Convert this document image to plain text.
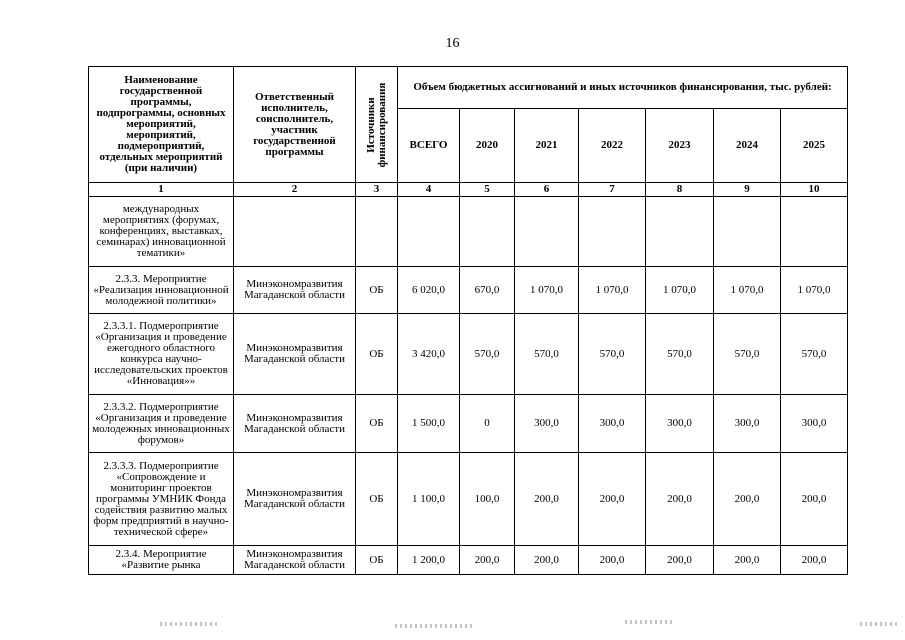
16
Наименование государственной программы, подпрограммы, основных мероприятий, мероприятий, подмероприятий, отдельных мероприятий (при наличии)	Ответственный исполнитель, соисполнитель, участник государственной программы	Источники финансирования	Объем бюджетных ассигнований и иных источников финансирования, тыс. рублей:						
			ВСЕГО	2020	2021	2022	2023	2024	2025
1	2	3	4	5	6	7	8	9	10
международных мероприятиях (форумах, конференциях, выставках, семинарах) инновационной тематики»									
2.3.3. Мероприятие «Реализация инновационной молодежной политики»	Минэкономразвития Магаданской области	ОБ	6 020,0	670,0	1 070,0	1 070,0	1 070,0	1 070,0	1 070,0
2.3.3.1. Подмероприятие «Организация и проведение ежегодного областного конкурса научно-исследовательских проектов «Инновация»»	Минэкономразвития Магаданской области	ОБ	3 420,0	570,0	570,0	570,0	570,0	570,0	570,0
2.3.3.2. Подмероприятие «Организация и проведение молодежных инновационных форумов»	Минэкономразвития Магаданской области	ОБ	1 500,0	0	300,0	300,0	300,0	300,0	300,0
2.3.3.3. Подмероприятие «Сопровождение и мониторинг проектов программы УМНИК Фонда содействия развитию малых форм предприятий в научно-технической сфере»	Минэкономразвития Магаданской области	ОБ	1 100,0	100,0	200,0	200,0	200,0	200,0	200,0
2.3.4. Мероприятие «Развитие рынка	Минэкономразвития Магаданской области	ОБ	1 200,0	200,0	200,0	200,0	200,0	200,0	200,0
